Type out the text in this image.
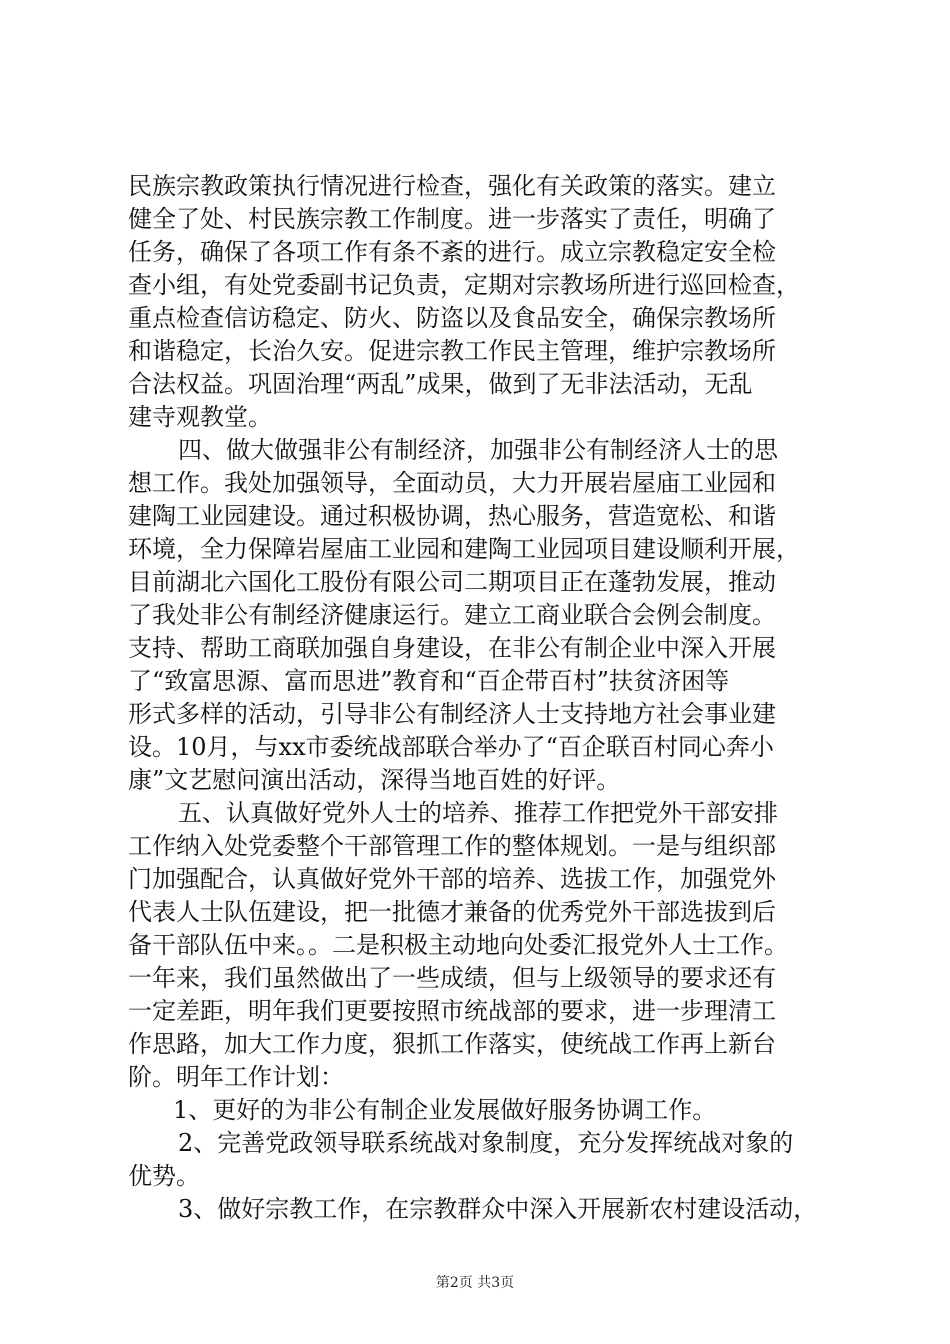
民族宗教政策执行情况进行检查，强化有关政策的落实。建立
健全了处、村民族宗教工作制度。进一步落实了责任，明确了
任务，确保了各项工作有条不紊的进行。成立宗教稳定安全检
查小组，有处党委副书记负责，定期对宗教场所进行巡回检查，
重点检查信访稳定、防火、防盗以及食品安全，确保宗教场所
和谐稳定，长治久安。促进宗教工作民主管理，维护宗教场所
合法权益。巩固治理“两乱”成果，做到了无非法活动，无乱
建寺观教堂。
四、做大做强非公有制经济，加强非公有制经济人士的思
想工作。我处加强领导，全面动员，大力开展岩屋庙工业园和
建陶工业园建设。通过积极协调，热心服务，营造宽松、和谐
环境，全力保障岩屋庙工业园和建陶工业园项目建设顺利开展，
目前湖北六国化工股份有限公司二期项目正在蓬勃发展，推动
了我处非公有制经济健康运行。建立工商业联合会例会制度。
支持、帮助工商联加强自身建设，在非公有制企业中深入开展
了“致富思源、富而思进”教育和“百企带百村”扶贫济困等
形式多样的活动，引导非公有制经济人士支持地方社会事业建
设。10月，与xx市委统战部联合举办了“百企联百村同心奔小
康”文艺慰问演出活动，深得当地百姓的好评。
五、认真做好党外人士的培养、推荐工作把党外干部安排
工作纳入处党委整个干部管理工作的整体规划。一是与组织部
门加强配合，认真做好党外干部的培养、选拔工作，加强党外
代表人士队伍建设，把一批德才兼备的优秀党外干部选拔到后
备干部队伍中来。。二是积极主动地向处委汇报党外人士工作。
一年来，我们虽然做出了一些成绩，但与上级领导的要求还有
一定差距，明年我们更要按照市统战部的要求，进一步理清工
作思路，加大工作力度，狠抓工作落实，使统战工作再上新台
阶。明年工作计划：
1、更好的为非公有制企业发展做好服务协调工作。
2、完善党政领导联系统战对象制度，充分发挥统战对象的
优势。
3、做好宗教工作，在宗教群众中深入开展新农村建设活动，
第2页 共3页
